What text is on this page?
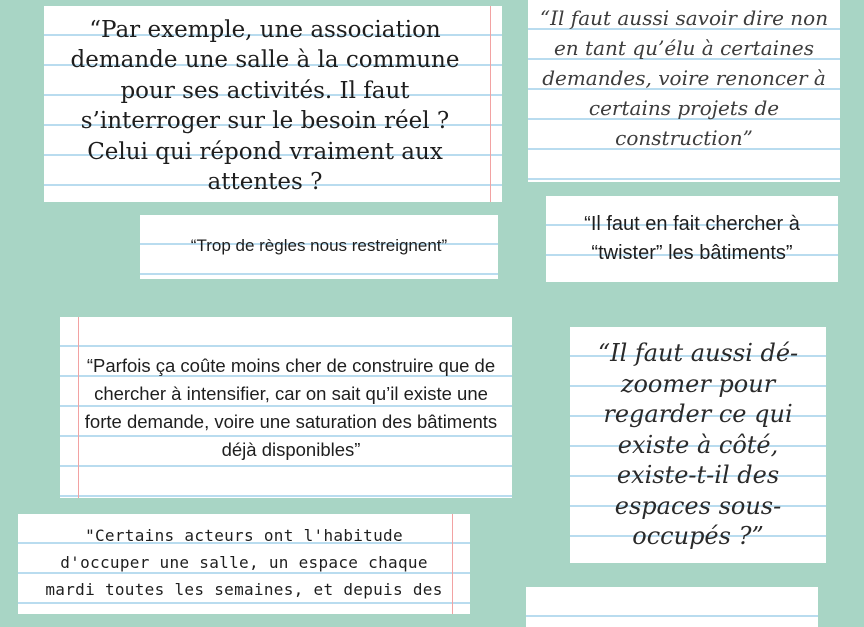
“Par exemple, une association demande une salle à la commune pour ses activités. Il faut s’interroger sur le besoin réel ? Celui qui répond vraiment aux attentes ?
“Il faut aussi savoir dire non en tant qu’élu à certaines demandes, voire renoncer à certains projets de construction”
“Trop de règles nous restreignent”
“Il faut en fait chercher à “twister” les bâtiments”
“Parfois ça coûte moins cher de construire que de chercher à intensifier, car on sait qu’il existe une forte demande, voire une saturation des bâtiments déjà disponibles”
“Il faut aussi dé-zoomer pour regarder ce qui existe à côté, existe-t-il des espaces sous-occupés ?”
"Certains acteurs ont l'habitude d'occuper une salle, un espace chaque mardi toutes les semaines, et depuis des
